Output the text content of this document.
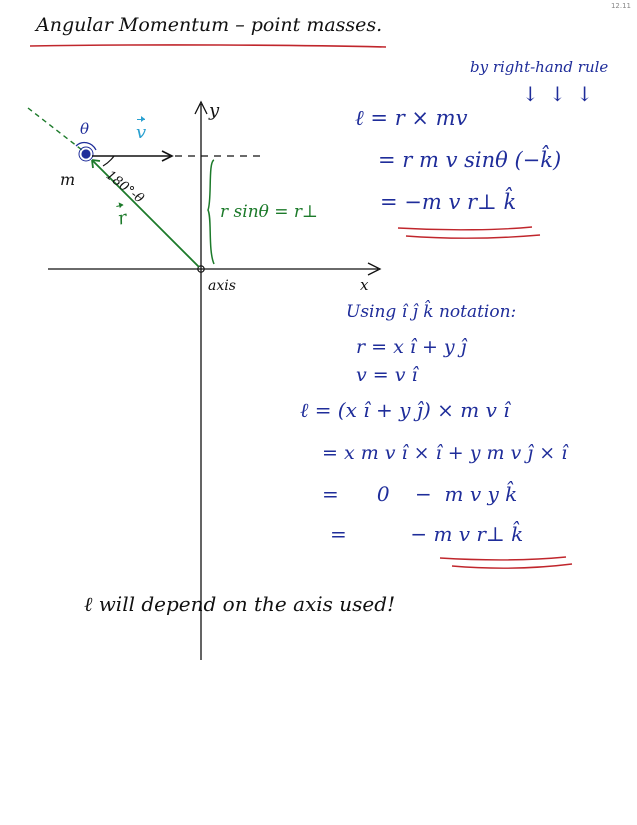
12.11
Angular Momentum – point masses.
y
x
axis
m
θ
180°-θ
v
r	r sinθ = r⊥
by right-hand rule
↓ ↓ ↓
ℓ = r × mv
= r m v sinθ (−k̂)
= −m v r⊥ k̂
Using î ĵ k̂ notation:
r = x î + y ĵ
v = v î
ℓ = (x î + y ĵ) × m v î
= x m v î × î + y m v ĵ × î
=      0    −  m v y k̂
=          − m v r⊥ k̂
ℓ will depend on the axis used!
